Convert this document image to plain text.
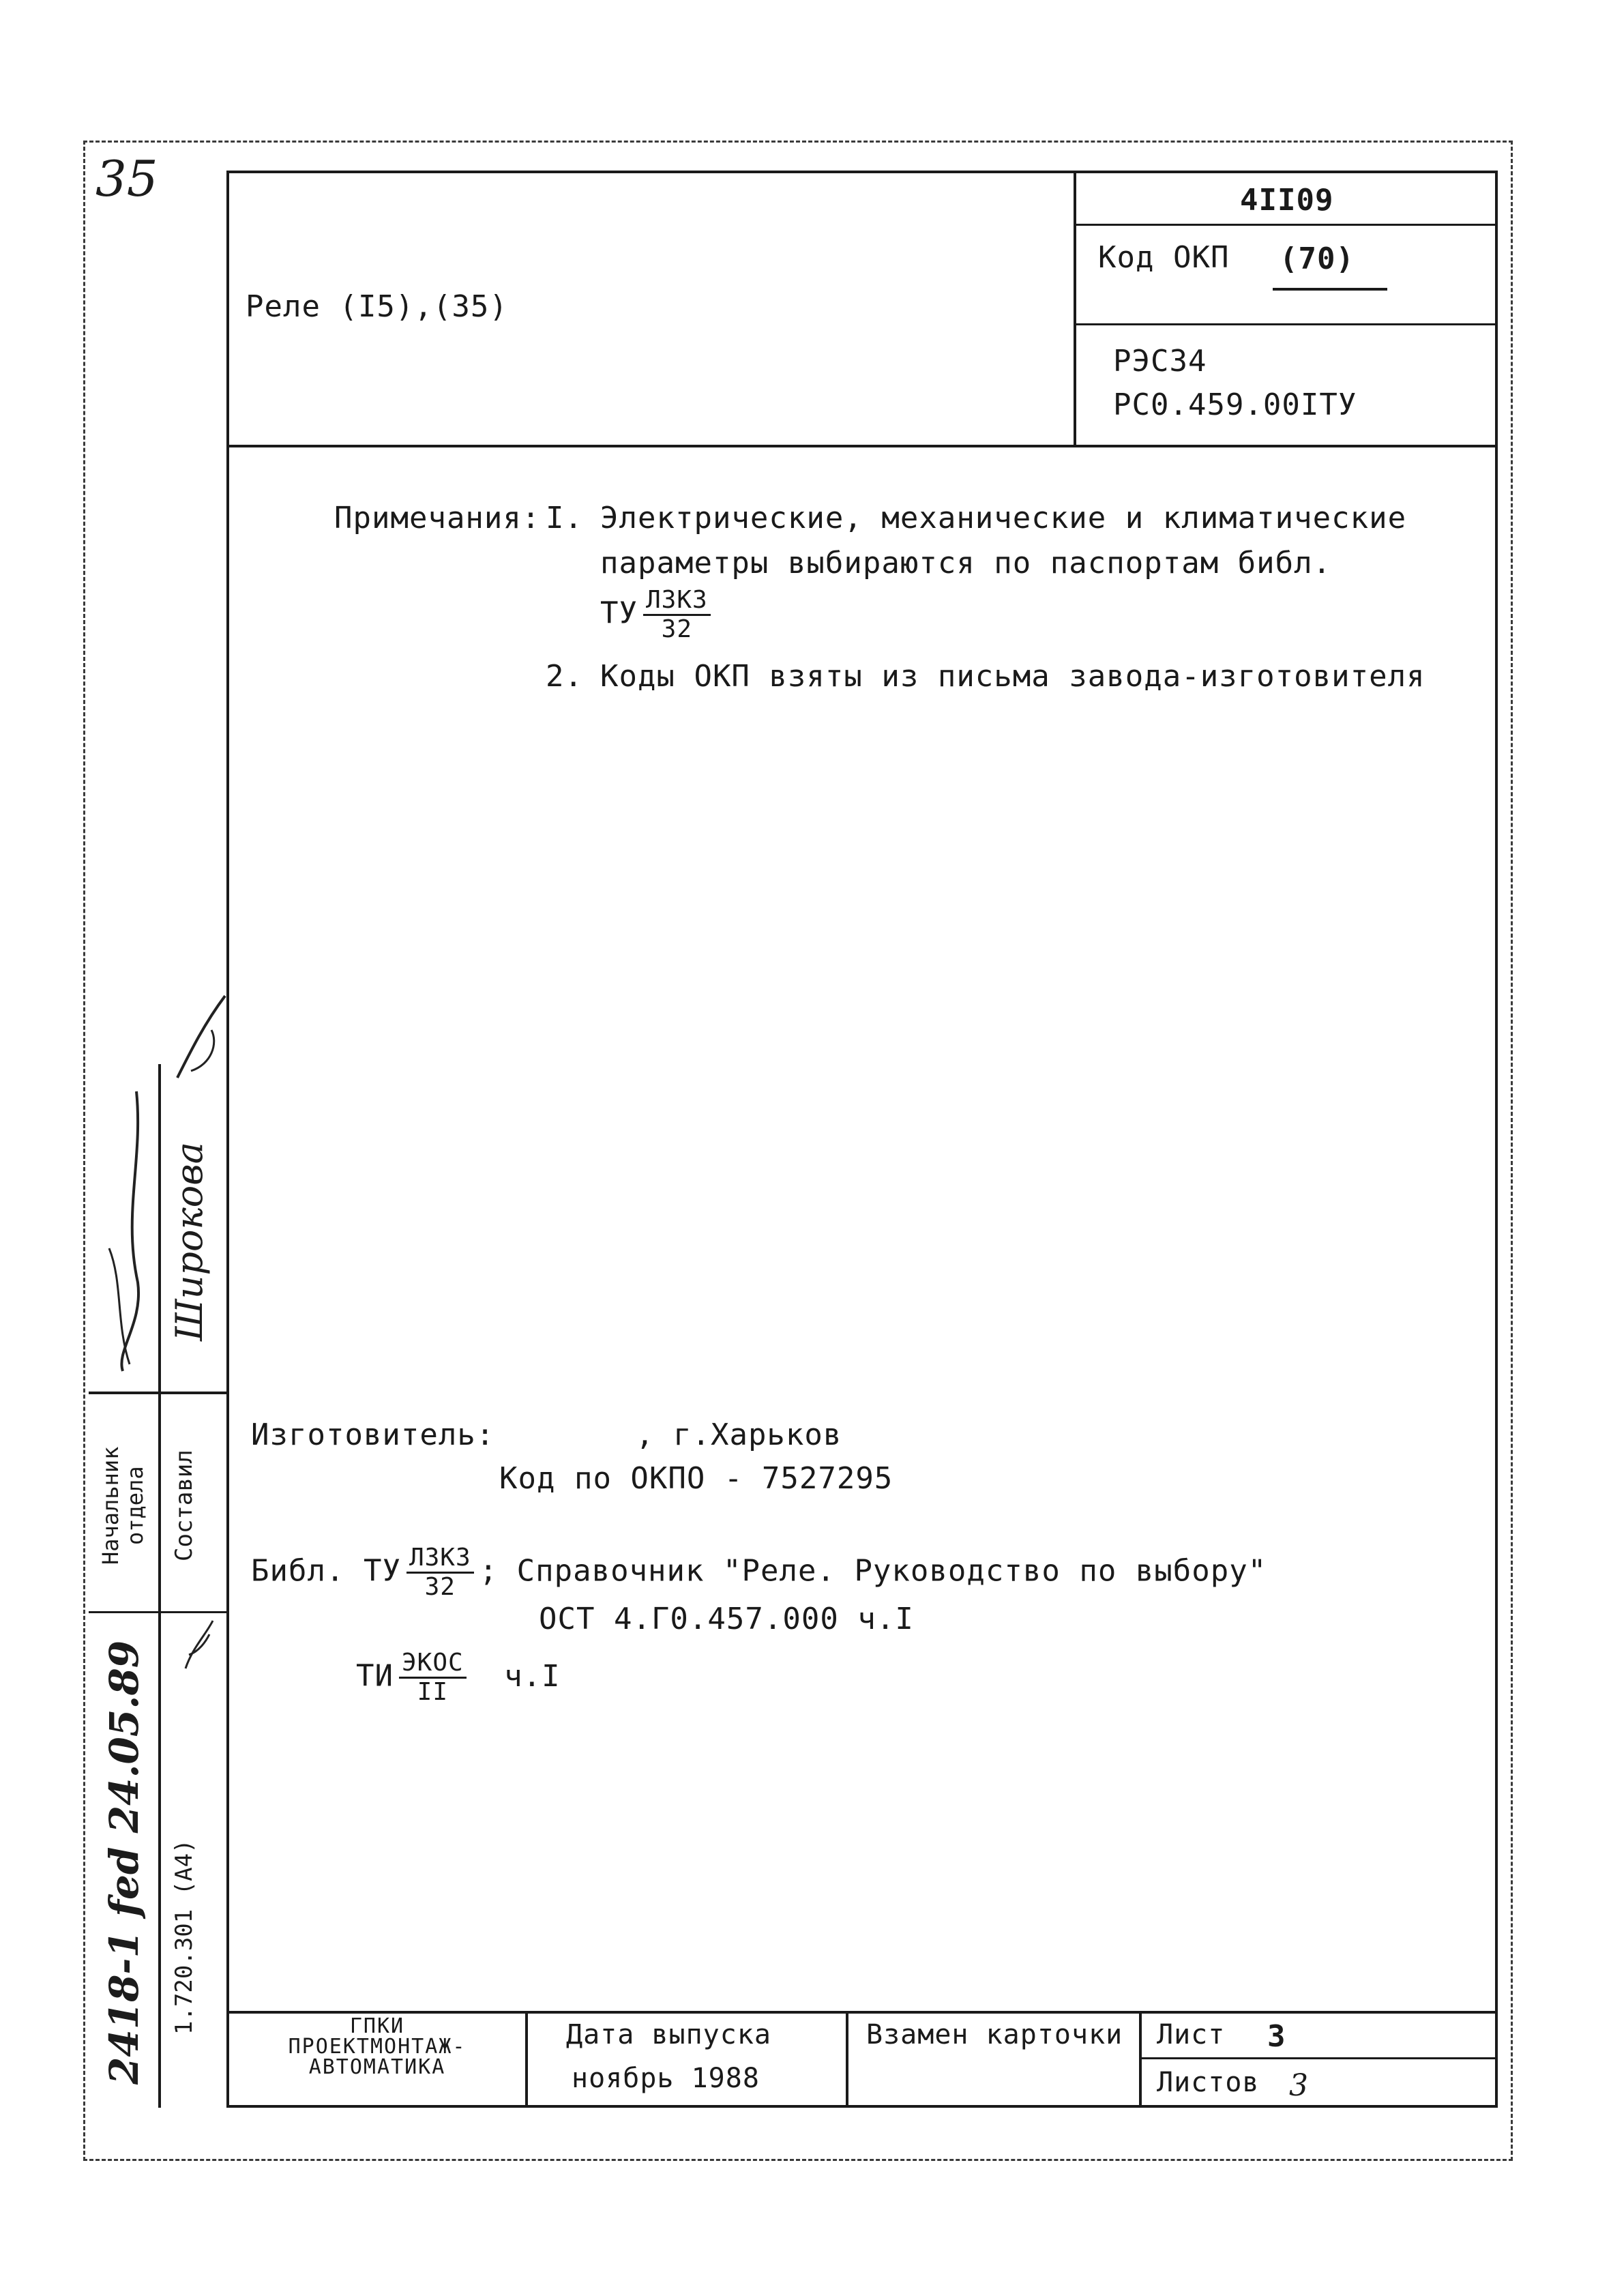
35
Реле (I5),(35)
4II09
Код ОКП (70)
РЭС34
РС0.459.00IТУ
Примечания: I. Электрические, механические и климатические
параметры выбираются по паспортам библ.
ТУ $\frac{\text{ЛЗКЗ}}{32}$
2. Коды ОКП взяты из письма завода-изготовителя
Изготовитель:	, г.Харьков
Код по ОКПО - 7527295
Библ. ТУ $\frac{\text{ЛЗКЗ}}{32}$ ; Справочник "Реле. Руководство по выбору"
ОСТ 4.Г0.457.000 ч.I
ТИ $\frac{\text{ЭКОС}}{II} ч.I$
ГПКИ
ПРОЕКТМОНТАЖ-
АВТОМАТИКА
Дата выпуска
ноябрь 1988
Взамен карточки Лист 3
Листов 3
Начальник
отдела Составил
2418-1 fed 24.05.89 1.720.301 (А4)
Широкова
